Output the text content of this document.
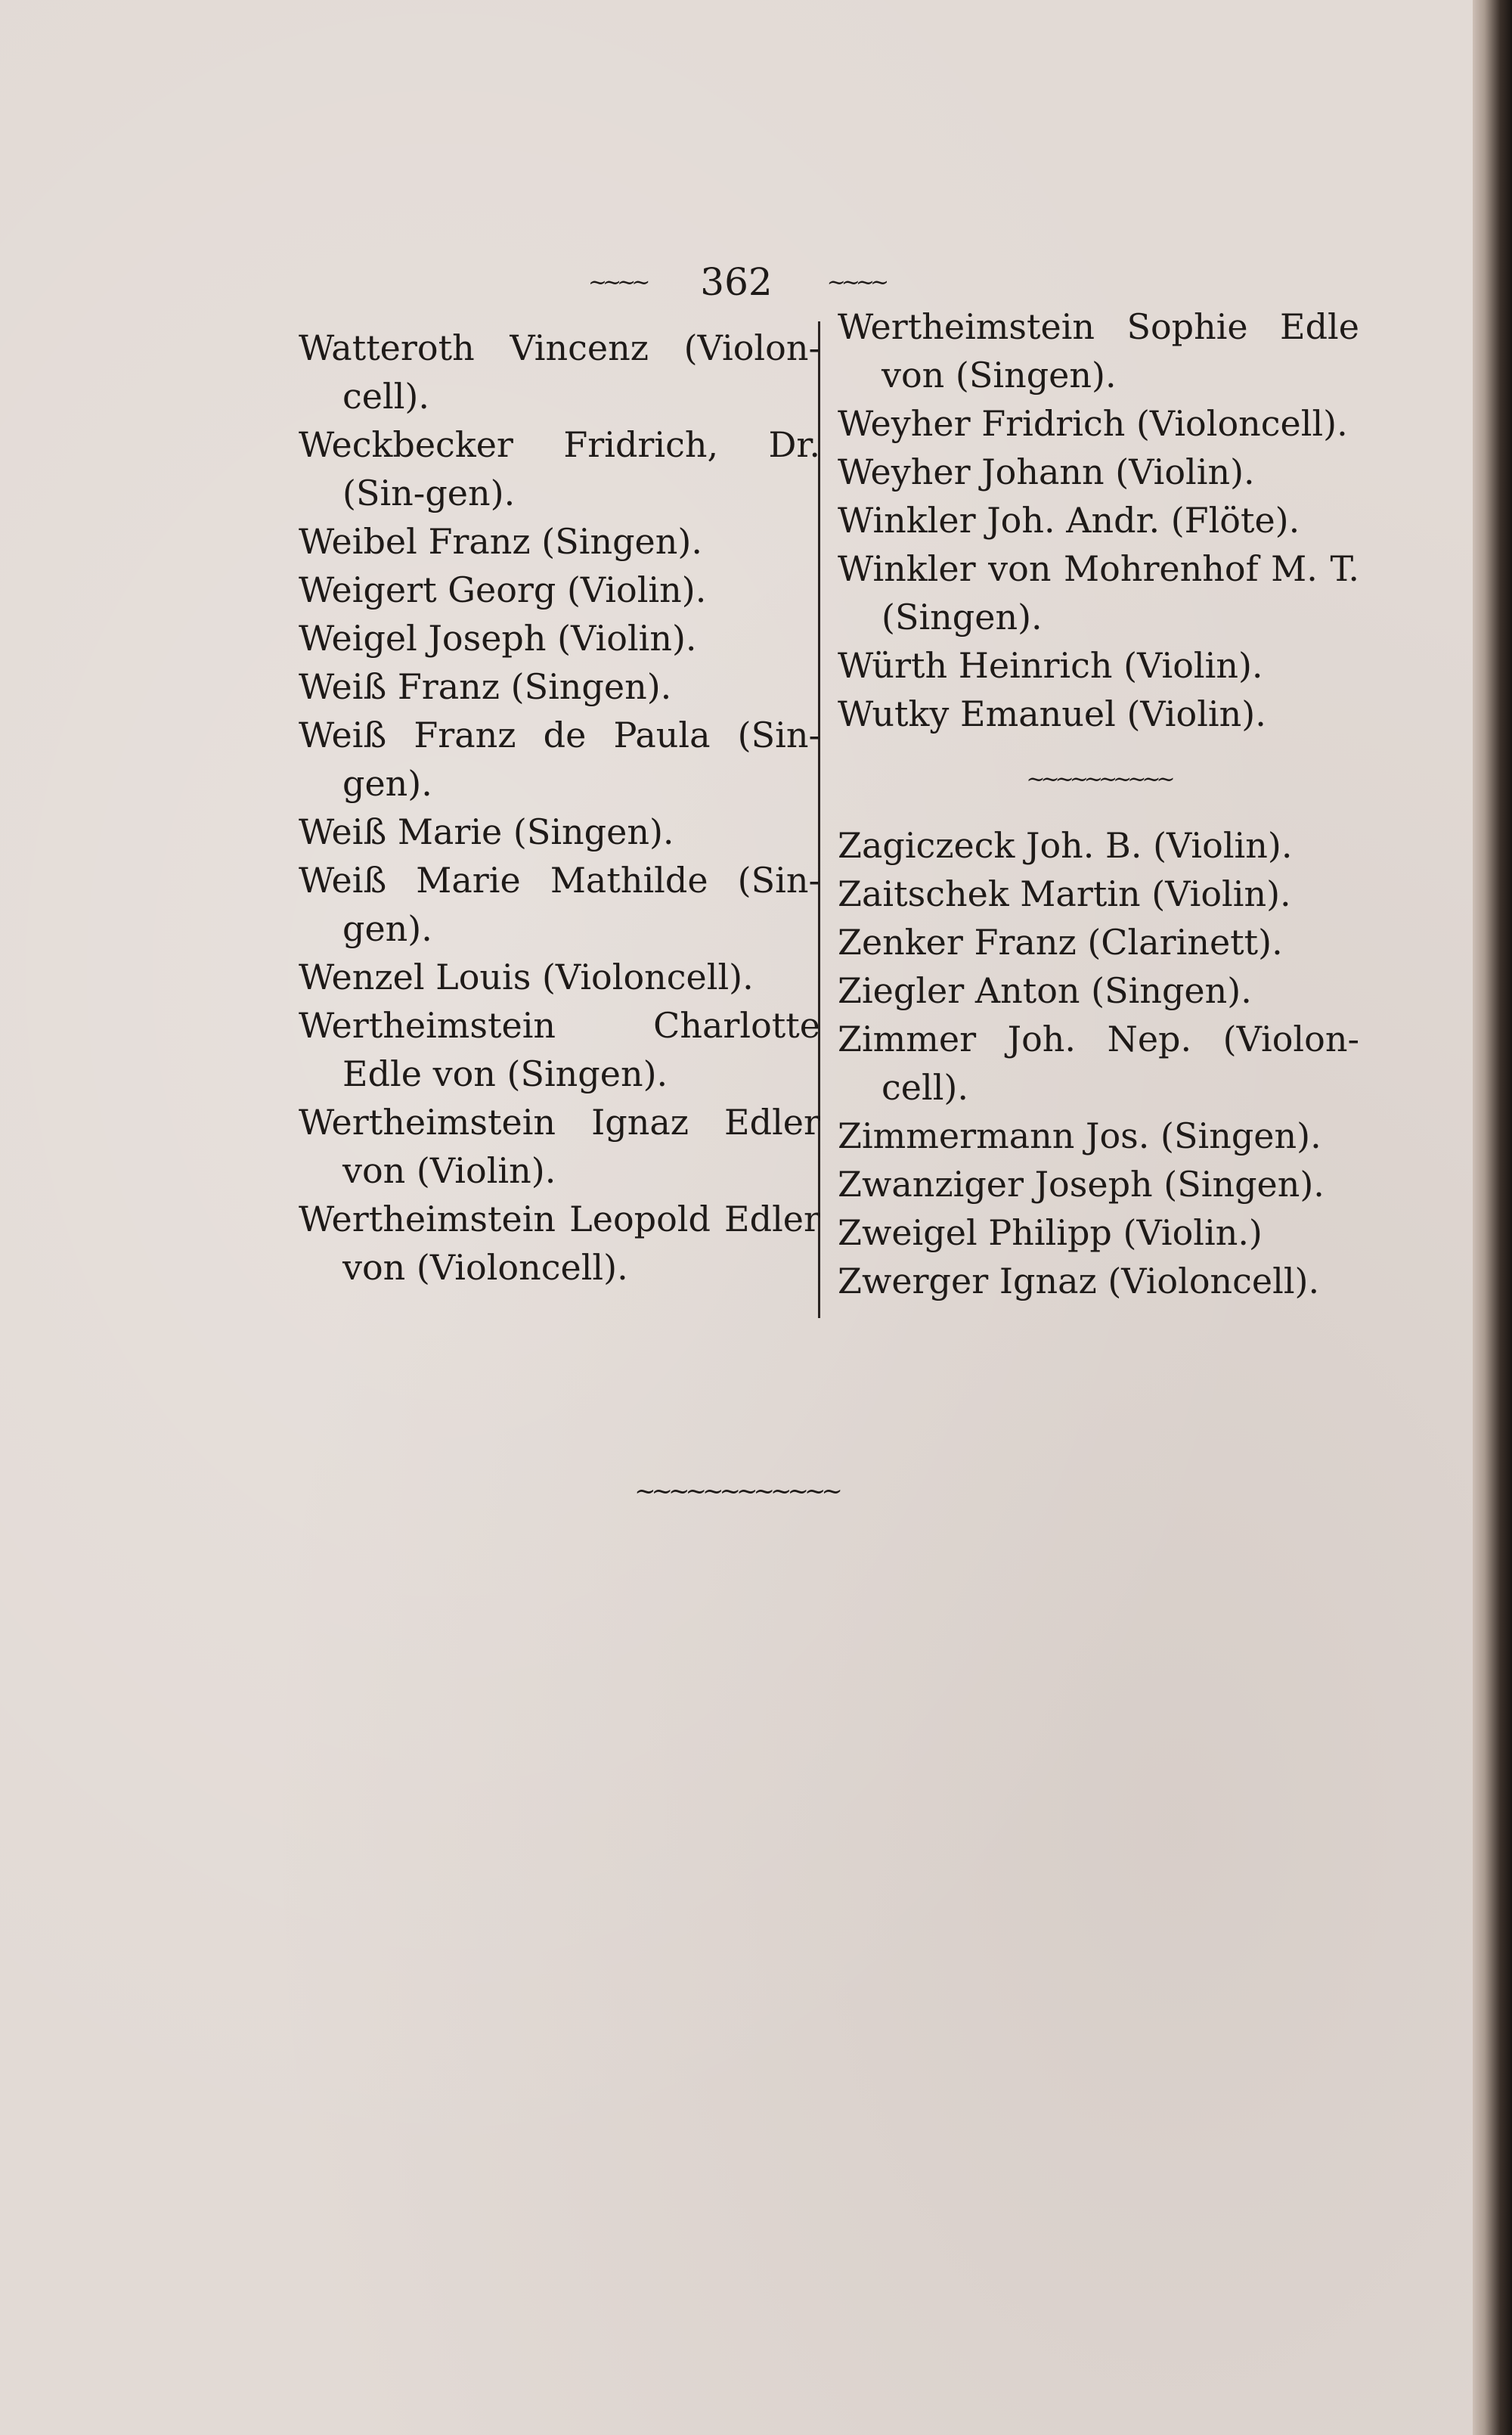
~~~~ 362 ~~~~
Watteroth Vincenz (Violon-cell).
Weckbecker Fridrich, Dr. (Sin-gen).
Weibel Franz (Singen).
Weigert Georg (Violin).
Weigel Joseph (Violin).
Weiß Franz (Singen).
Weiß Franz de Paula (Sin-gen).
Weiß Marie (Singen).
Weiß Marie Mathilde (Sin-gen).
Wenzel Louis (Violoncell).
Wertheimstein Charlotte Edle von (Singen).
Wertheimstein Ignaz Edler von (Violin).
Wertheimstein Leopold Edler von (Violoncell).
Wertheimstein Sophie Edle von (Singen).
Weyher Fridrich (Violoncell).
Weyher Johann (Violin).
Winkler Joh. Andr. (Flöte).
Winkler von Mohrenhof M. T. (Singen).
Würth Heinrich (Violin).
Wutky Emanuel (Violin).
~~~~~~~~~~
Zagiczeck Joh. B. (Violin).
Zaitschek Martin (Violin).
Zenker Franz (Clarinett).
Ziegler Anton (Singen).
Zimmer Joh. Nep. (Violon-cell).
Zimmermann Jos. (Singen).
Zwanziger Joseph (Singen).
Zweigel Philipp (Violin.)
Zwerger Ignaz (Violoncell).
~~~~~~~~~~~~
